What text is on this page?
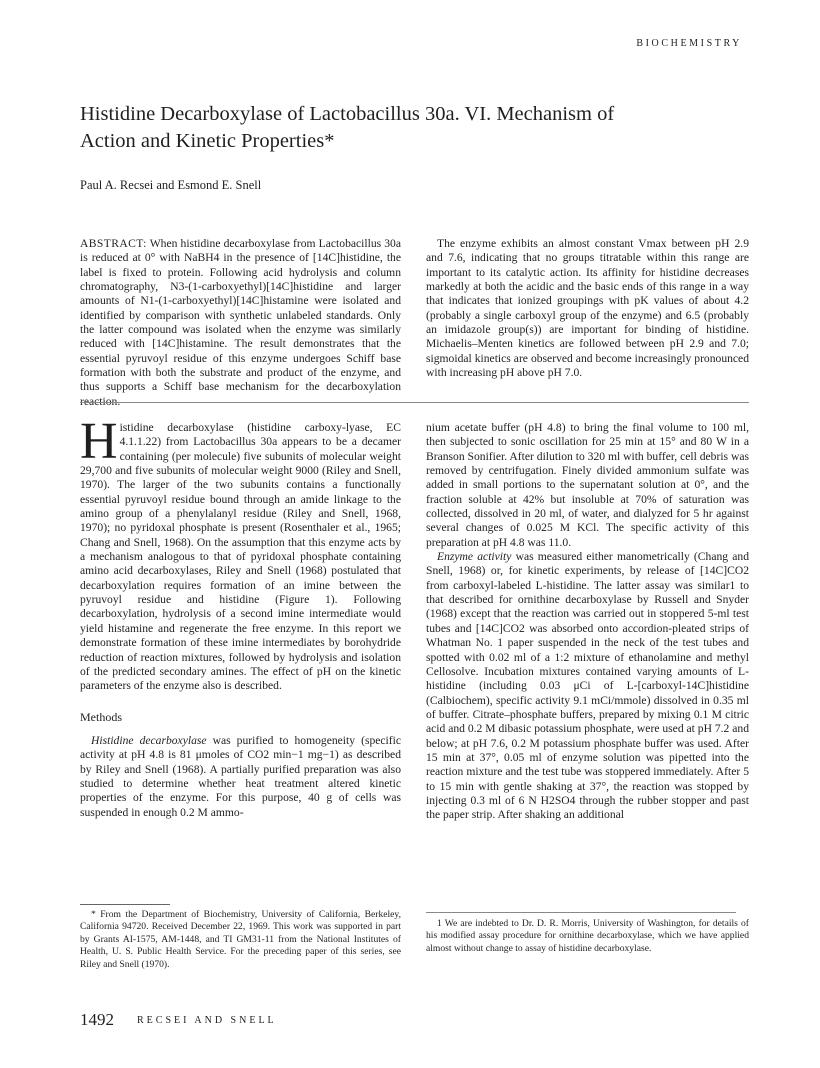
BIOCHEMISTRY
Histidine Decarboxylase of Lactobacillus 30a. VI. Mechanism of
Action and Kinetic Properties*
Paul A. Recsei and Esmond E. Snell

ABSTRACT: When histidine decarboxylase from Lactobacillus 30a is reduced at 0° with NaBH4 in the presence of [14C]histidine, the label is fixed to protein. Following acid hydrolysis and column chromatography, N3-(1-carboxyethyl)[14C]histidine and larger amounts of N1-(1-carboxyethyl)[14C]histamine were isolated and identified by comparison with synthetic unlabeled standards. Only the latter compound was isolated when the enzyme was similarly reduced with [14C]histamine. The result demonstrates that the essential pyruvoyl residue of this enzyme undergoes Schiff base formation with both the substrate and product of the enzyme, and thus supports a Schiff base mechanism for the decarboxylation

The enzyme exhibits an almost constant Vmax between pH 2.9 and 7.6, indicating that no groups titratable within this range are important to its catalytic action. Its affinity for histidine decreases markedly at both the acidic and the basic ends of this range in a way that indicates that ionized groupings with pK values of about 4.2 (probably a single carboxyl group of the enzyme) and 6.5 (probably an imidazole group(s)) are important for binding of histidine. Michaelis–Menten kinetics are followed between pH 2.9 and 7.0; sigmoidal kinetics are observed and become increasingly pronounced with increasing pH above pH 7.0.

Histidine decarboxylase (histidine carboxy-lyase, EC 4.1.1.22) from Lactobacillus 30a appears to be a decamer containing (per molecule) five subunits of molecular weight 29,700 and five subunits of molecular weight 9000 (Riley and Snell, 1970). The larger of the two subunits contains a functionally essential pyruvoyl residue bound through an amide linkage to the amino group of a phenylalanyl residue (Riley and Snell, 1968, 1970); no pyridoxal phosphate is present (Rosenthaler et al., 1965; Chang and Snell, 1968). On the assumption that this enzyme acts by a mechanism analogous to that of pyridoxal phosphate containing amino acid decarboxylases, Riley and Snell (1968) postulated that decarboxylation requires formation of an imine between the pyruvoyl residue and histidine (Figure 1). Following decarboxylation, hydrolysis of a second imine intermediate would yield histamine and regenerate the free enzyme. In this report we demonstrate formation of these imine intermediates by borohydride reduction of reaction mixtures, followed by hydrolysis and isolation of the predicted secondary amines. The effect of pH on the kinetic parameters of the enzyme also is described.

Methods

Histidine decarboxylase was purified to homogeneity (specific activity at pH 4.8 is 81 μmoles of CO2 min−1 mg−1) as described by Riley and Snell (1968). A partially purified preparation was also studied to determine whether heat treatment altered kinetic properties of the enzyme. For this purpose, 40 g of cells was suspended in enough 0.2 M ammo-

nium acetate buffer (pH 4.8) to bring the final volume to 100 ml, then subjected to sonic oscillation for 25 min at 15° and 80 W in a Branson Sonifier. After dilution to 320 ml with buffer, cell debris was removed by centrifugation. Finely divided ammonium sulfate was added in small portions to the supernatant solution at 0°, and the fraction soluble at 42% but insoluble at 70% of saturation was collected, dissolved in 20 ml, of water, and dialyzed for 5 hr against several changes of 0.025 M KCl. The specific activity of this preparation at pH 4.8 was 11.0.

Enzyme activity was measured either manometrically (Chang and Snell, 1968) or, for kinetic experiments, by release of [14C]CO2 from carboxyl-labeled L-histidine. The latter assay was similar1 to that described for ornithine decarboxylase by Russell and Snyder (1968) except that the reaction was carried out in stoppered 5-ml test tubes and [14C]CO2 was absorbed onto accordion-pleated strips of Whatman No. 1 paper suspended in the neck of the test tubes and spotted with 0.02 ml of a 1:2 mixture of ethanolamine and methyl Cellosolve. Incubation mixtures contained varying amounts of L-histidine (including 0.03 μCi of L-[carboxyl-14C]histidine (Calbiochem), specific activity 9.1 mCi/mmole) dissolved in 0.35 ml of buffer. Citrate–phosphate buffers, prepared by mixing 0.1 M citric acid and 0.2 M dibasic potassium phosphate, were used at pH 7.2 and below; at pH 7.6, 0.2 M potassium phosphate buffer was used. After 15 min at 37°, 0.05 ml of enzyme solution was pipetted into the reaction mixture and the test tube was stoppered immediately. After 5 to 15 min with gentle shaking at 37°, the reaction was stopped by injecting 0.3 ml of 6 N H2SO4 through the rubber stopper and past the paper strip. After shaking an additional

* From the Department of Biochemistry, University of California, Berkeley, California 94720. Received December 22, 1969. This work was supported in part by Grants AI-1575, AM-1448, and TI GM31-11 from the National Institutes of Health, U. S. Public Health Service. For the preceding paper of this series, see Riley and Snell (1970).

1 We are indebted to Dr. D. R. Morris, University of Washington, for details of his modified assay procedure for ornithine decarboxylase, which we have applied almost without change to assay of histidine decarboxylase.

1492 RECSEI AND SNELL
